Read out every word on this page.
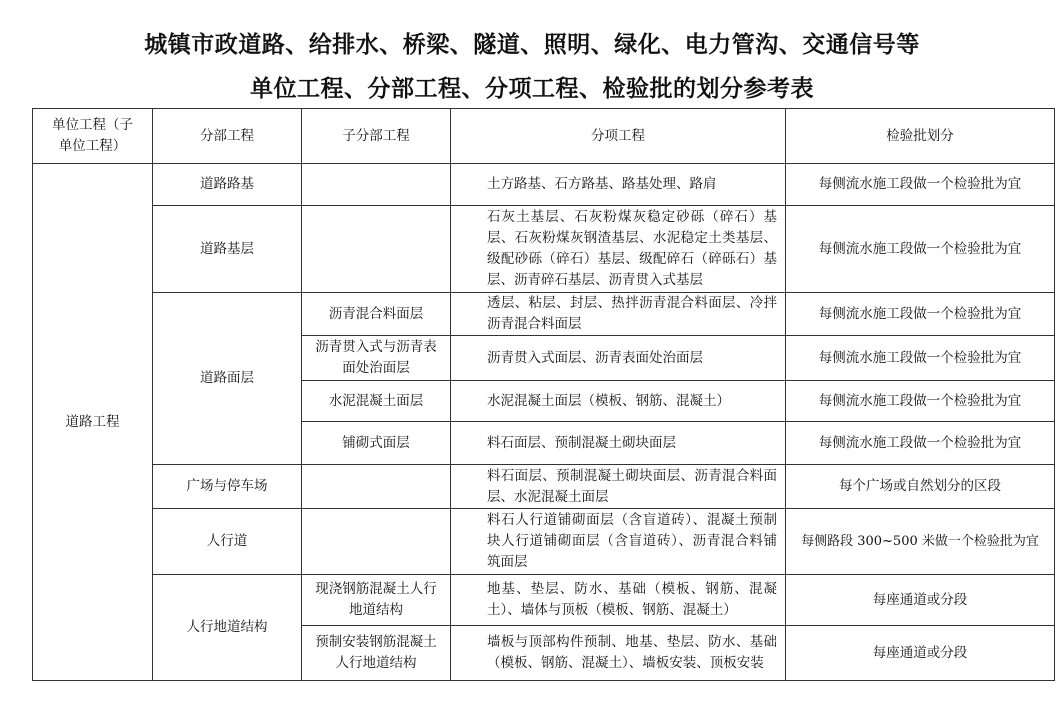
城镇市政道路、给排水、桥梁、隧道、照明、绿化、电力管沟、交通信号等
单位工程、分部工程、分项工程、检验批的划分参考表
单位工程（子单位工程）	分部工程	子分部工程	分项工程	检验批划分
道路工程	道路路基		土方路基、石方路基、路基处理、路肩	每侧流水施工段做一个检验批为宜
	道路基层		石灰土基层、石灰粉煤灰稳定砂砾（碎石）基层、石灰粉煤灰钢渣基层、水泥稳定土类基层、级配砂砾（碎石）基层、级配碎石（碎砾石）基层、沥青碎石基层、沥青贯入式基层	每侧流水施工段做一个检验批为宜
	道路面层	沥青混合料面层	透层、粘层、封层、热拌沥青混合料面层、冷拌沥青混合料面层	每侧流水施工段做一个检验批为宜
		沥青贯入式与沥青表面处治面层	沥青贯入式面层、沥青表面处治面层	每侧流水施工段做一个检验批为宜
		水泥混凝土面层	水泥混凝土面层（模板、钢筋、混凝土）	每侧流水施工段做一个检验批为宜
		铺砌式面层	料石面层、预制混凝土砌块面层	每侧流水施工段做一个检验批为宜
	广场与停车场		料石面层、预制混凝土砌块面层、沥青混合料面层、水泥混凝土面层	每个广场或自然划分的区段
	人行道		料石人行道铺砌面层（含盲道砖）、混凝土预制块人行道铺砌面层（含盲道砖）、沥青混合料铺筑面层	每侧路段 300~500 米做一个检验批为宜
	人行地道结构	现浇钢筋混凝土人行地道结构	地基、垫层、防水、基础（模板、钢筋、混凝土）、墙体与顶板（模板、钢筋、混凝土）	每座通道或分段
		预制安装钢筋混凝土人行地道结构	墙板与顶部构件预制、地基、垫层、防水、基础（模板、钢筋、混凝土）、墙板安装、顶板安装	每座通道或分段
